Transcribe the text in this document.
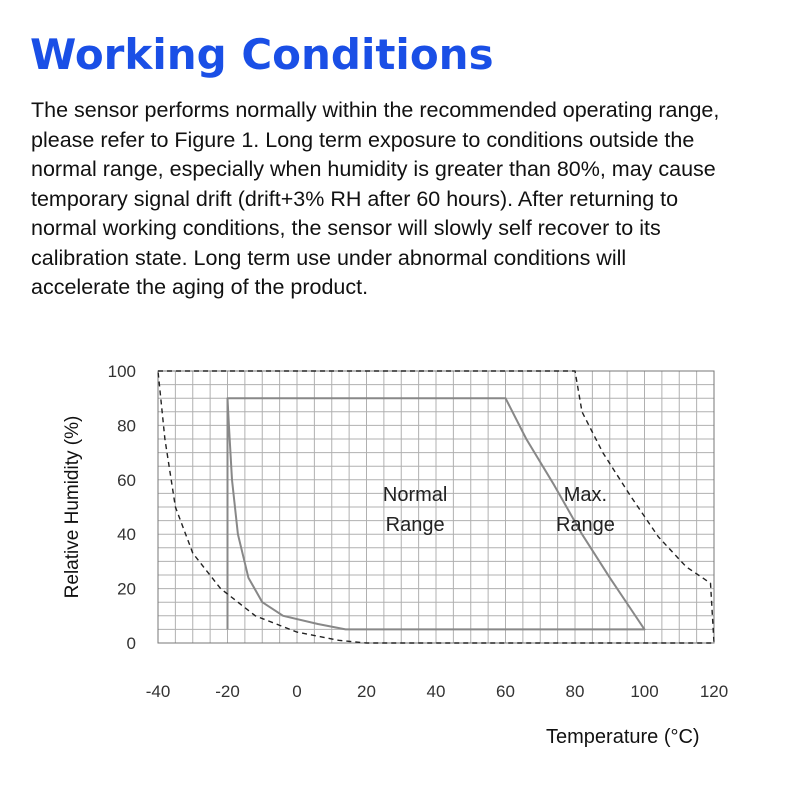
Working Conditions

The sensor performs normally within the recommended operating range, please refer to Figure 1. Long term exposure to conditions outside the normal range, especially when humidity is greater than 80%, may cause temporary signal drift (drift+3% RH after 60 hours). After returning to normal working conditions, the sensor will slowly self recover to its calibration state. Long term use under abnormal conditions will accelerate the aging of the product.

-40	-20	0	20	40	60	80	100 120
0
20
40
60
80
100
Normal
Range
Max.
Range
Relative Humidity (%)
Temperature (°C)
